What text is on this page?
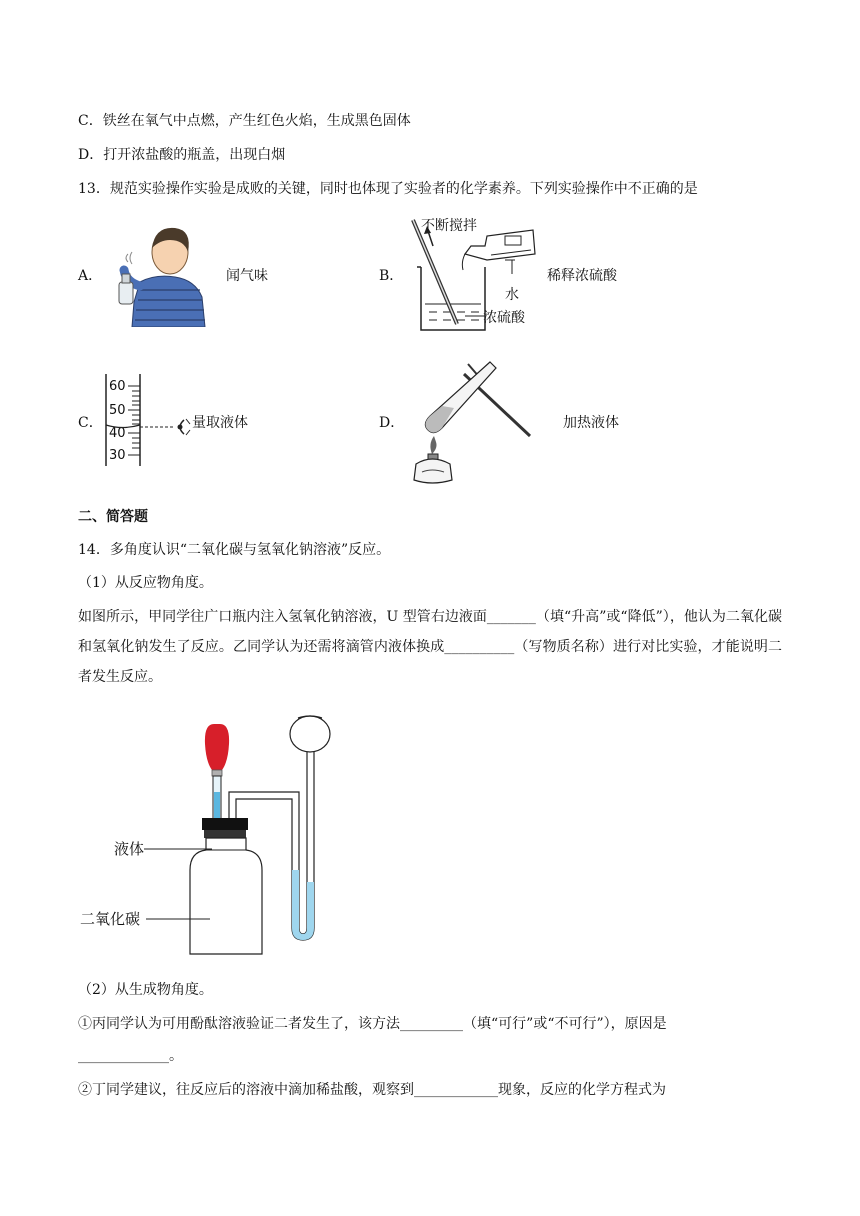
C．铁丝在氧气中点燃，产生红色火焰，生成黑色固体
D．打开浓盐酸的瓶盖，出现白烟
13．规范实验操作实验是成败的关键，同时也体现了实验者的化学素养。下列实验操作中不正确的是
A．	闻气味	B．
不断搅拌
水
浓硫酸
稀释浓硫酸
C．
60
50
40
30
量取液体	D．	加热液体
二、简答题
14．多角度认识“二氧化碳与氢氧化钠溶液”反应。
（1）从反应物角度。
如图所示，甲同学往广口瓶内注入氢氧化钠溶液，U 型管右边液面_______（填“升高”或“降低”），他认为二氧化碳和氢氧化钠发生了反应。乙同学认为还需将滴管内液体换成__________（写物质名称）进行对比实验，才能说明二者发生反应。
液体
二氧化碳
（2）从生成物角度。
①丙同学认为可用酚酞溶液验证二者发生了，该方法_________（填“可行”或“不可行”），原因是
_____________。
②丁同学建议，往反应后的溶液中滴加稀盐酸，观察到____________现象，反应的化学方程式为
